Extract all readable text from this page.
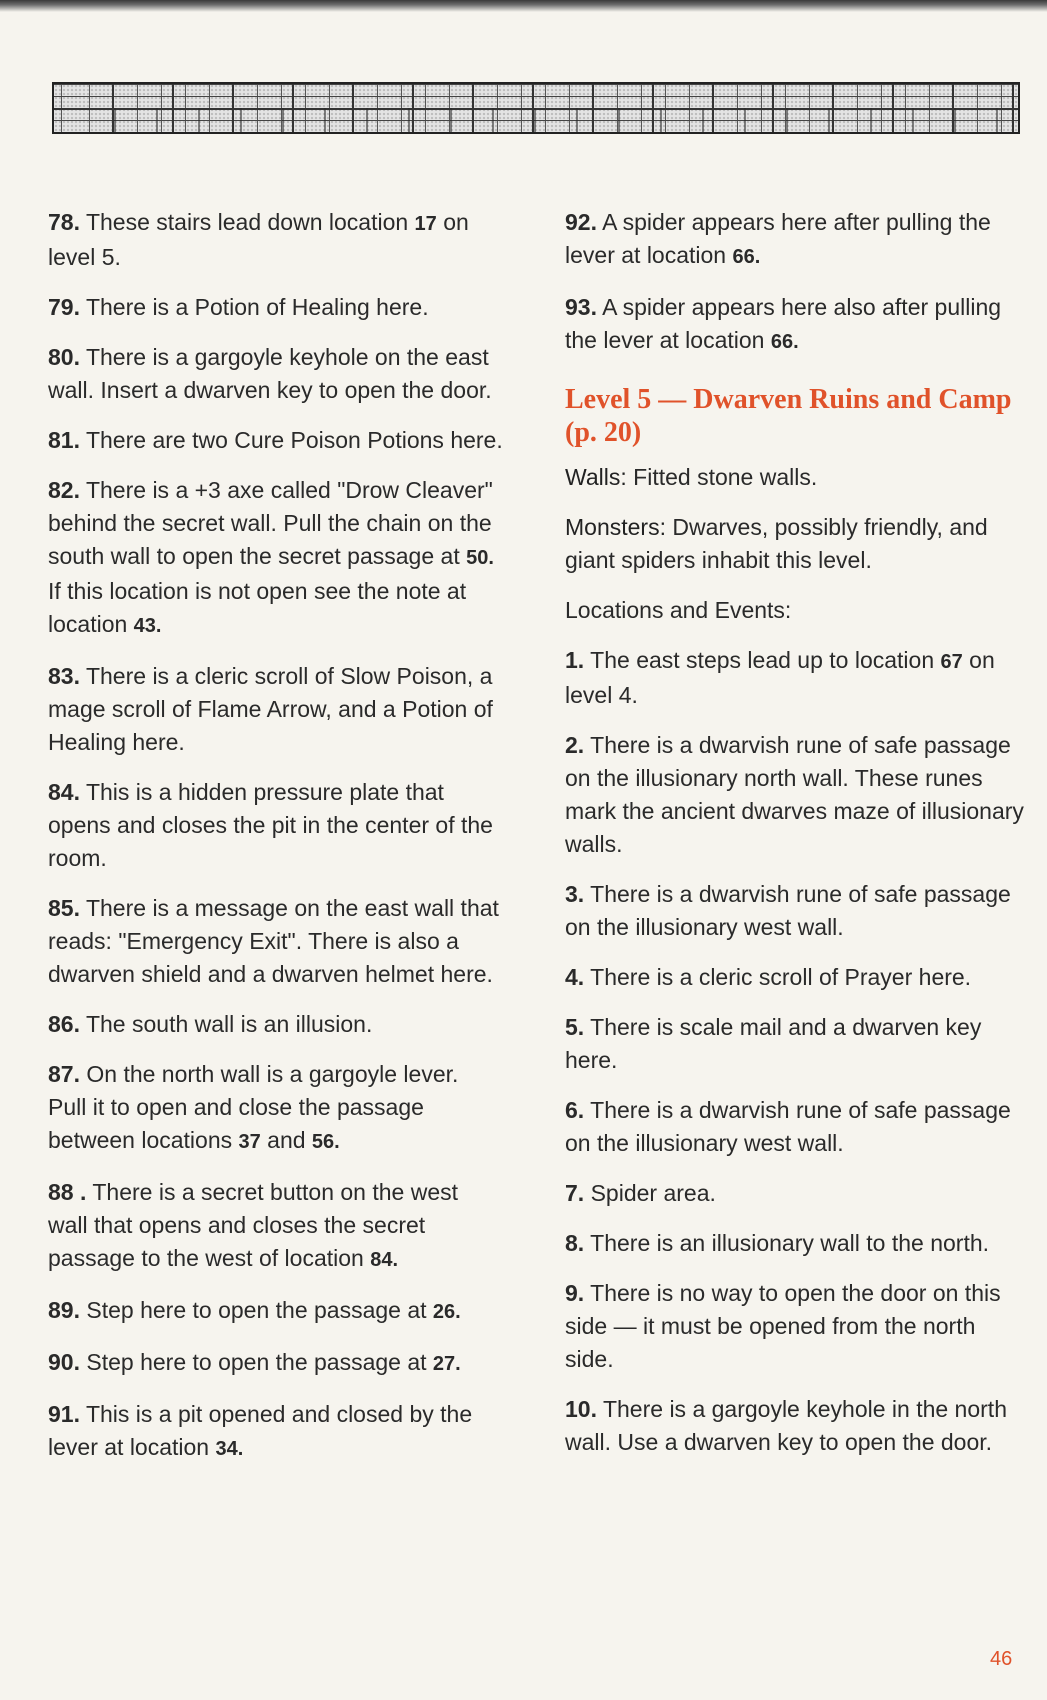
78. These stairs lead down location 17 on level 5.

79. There is a Potion of Healing here.

80. There is a gargoyle keyhole on the east wall. Insert a dwarven key to open the door.

81. There are two Cure Poison Potions here.

82. There is a +3 axe called "Drow Cleaver" behind the secret wall. Pull the chain on the south wall to open the secret passage at 50. If this location is not open see the note at location 43.

83. There is a cleric scroll of Slow Poison, a mage scroll of Flame Arrow, and a Potion of Healing here.

84. This is a hidden pressure plate that opens and closes the pit in the center of the room.

85. There is a message on the east wall that reads: "Emergency Exit". There is also a dwarven shield and a dwarven helmet here.

86. The south wall is an illusion.

87. On the north wall is a gargoyle lever. Pull it to open and close the passage between locations 37 and 56.

88 . There is a secret button on the west wall that opens and closes the secret passage to the west of location 84.

89. Step here to open the passage at 26.

90. Step here to open the passage at 27.

91. This is a pit opened and closed by the lever at location 34.

92. A spider appears here after pulling the lever at location 66.

93. A spider appears here also after pulling the lever at location 66.

Level 5 — Dwarven Ruins and Camp (p. 20)

Walls: Fitted stone walls.

Monsters: Dwarves, possibly friendly, and giant spiders inhabit this level.

Locations and Events:

1. The east steps lead up to location 67 on level 4.

2. There is a dwarvish rune of safe passage on the illusionary north wall. These runes mark the ancient dwarves maze of illusionary walls.

3. There is a dwarvish rune of safe passage on the illusionary west wall.

4. There is a cleric scroll of Prayer here.

5. There is scale mail and a dwarven key here.

6. There is a dwarvish rune of safe passage on the illusionary west wall.

7. Spider area.

8. There is an illusionary wall to the north.

9. There is no way to open the door on this side — it must be opened from the north side.

10. There is a gargoyle keyhole in the north wall. Use a dwarven key to open the door.

46
